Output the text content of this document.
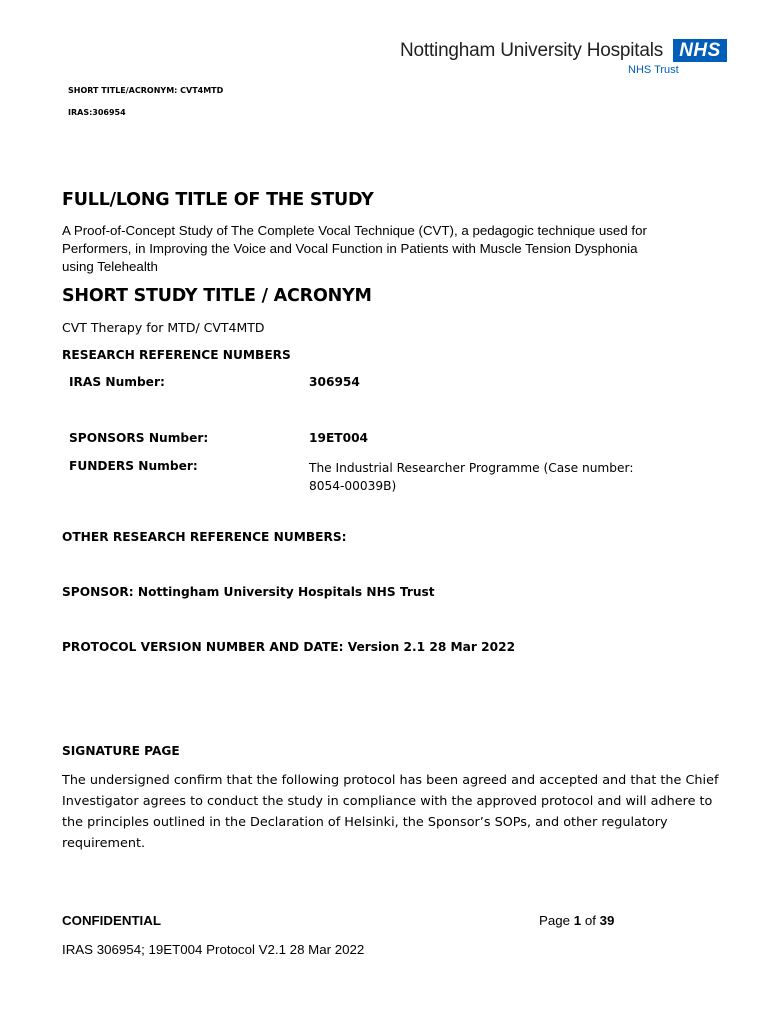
Nottingham University Hospitals NHS
NHS Trust
SHORT TITLE/ACRONYM: CVT4MTD
IRAS:306954
FULL/LONG TITLE OF THE STUDY
A Proof-of-Concept Study of The Complete Vocal Technique (CVT), a pedagogic technique used for
Performers, in Improving the Voice and Vocal Function in Patients with Muscle Tension Dysphonia
using Telehealth
SHORT STUDY TITLE / ACRONYM
CVT Therapy for MTD/ CVT4MTD
RESEARCH REFERENCE NUMBERS
IRAS Number:	306954
SPONSORS Number:	19ET004
FUNDERS Number:	The Industrial Researcher Programme (Case number:
8054-00039B)
OTHER RESEARCH REFERENCE NUMBERS:
SPONSOR: Nottingham University Hospitals NHS Trust
PROTOCOL VERSION NUMBER AND DATE: Version 2.1 28 Mar 2022
SIGNATURE PAGE
The undersigned confirm that the following protocol has been agreed and accepted and that the Chief
Investigator agrees to conduct the study in compliance with the approved protocol and will adhere to
the principles outlined in the Declaration of Helsinki, the Sponsor’s SOPs, and other regulatory
requirement.
CONFIDENTIAL	Page 1 of 39
IRAS 306954; 19ET004 Protocol V2.1 28 Mar 2022
